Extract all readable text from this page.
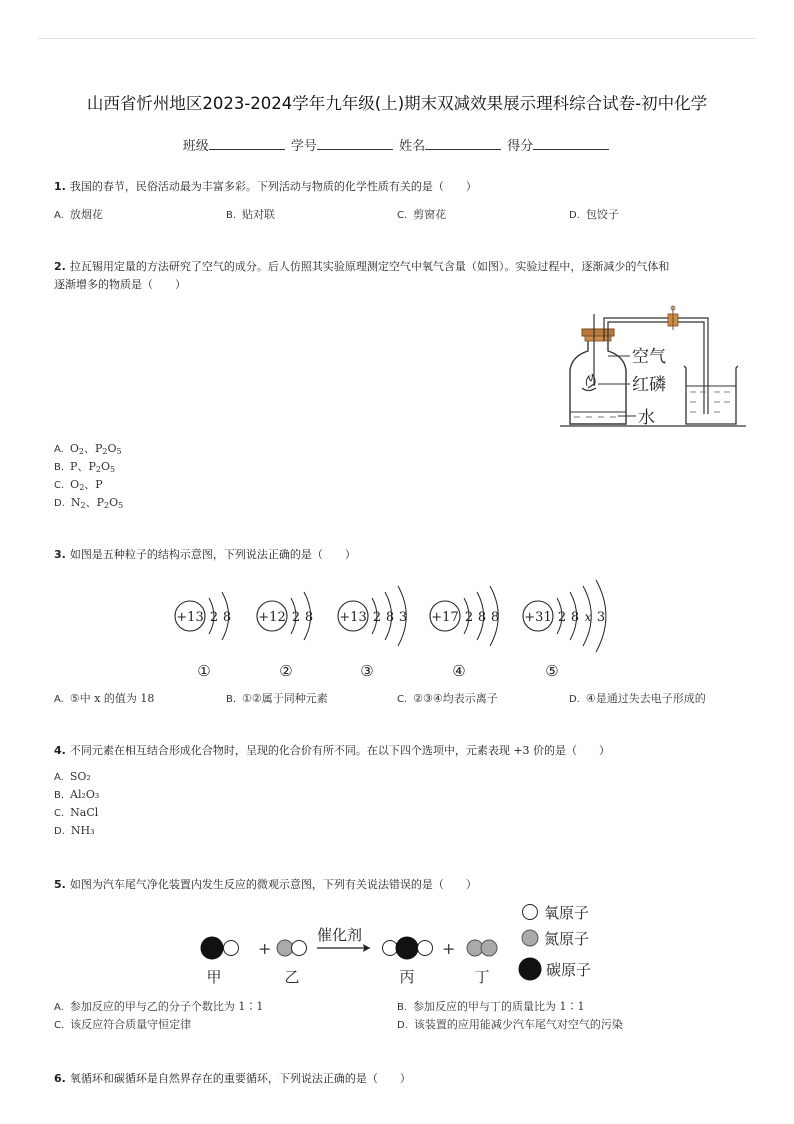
山西省忻州地区2023-2024学年九年级(上)期末双减效果展示理科综合试卷-初中化学
班级	学号	姓名	得分
1. 我国的春节，民俗活动最为丰富多彩。下列活动与物质的化学性质有关的是（　　）
A. 放烟花	B. 贴对联	C. 剪窗花	D. 包饺子
2. 拉瓦锡用定量的方法研究了空气的成分。后人仿照其实验原理测定空气中氧气含量（如图）。实验过程中，逐渐减少的气体和
逐渐增多的物质是（　　）
空气
红磷
水
A. $O_2$、$P_2O_5$
B. P、$P_2O_5$
C. $O_2$、P
D. $N_2$、$P_2O_5$
3. 如图是五种粒子的结构示意图，下列说法正确的是（　　）
+13 2 8
①
+12 2 8
②
+13 2 8 3
③
+17 2 8 8
④
+31 2 8 x 3
⑤
A. ⑤中 x 的值为 18	B. ①②属于同种元素	C. ②③④均表示离子	D. ④是通过失去电子形成的
4. 不同元素在相互结合形成化合物时，呈现的化合价有所不同。在以下四个选项中，元素表现 +3 价的是（　　）
A. SO₂
B. Al₂O₃
C. NaCl
D. NH₃
5. 如图为汽车尾气净化装置内发生反应的微观示意图，下列有关说法错误的是（　　）
+
催化剂
+
甲	乙	丙	丁
氧原子
氮原子
碳原子
A. 参加反应的甲与乙的分子个数比为 1∶1	B. 参加反应的甲与丁的质量比为 1∶1
C. 该反应符合质量守恒定律	D. 该装置的应用能减少汽车尾气对空气的污染
6. 氧循环和碳循环是自然界存在的重要循环，下列说法正确的是（　　）
